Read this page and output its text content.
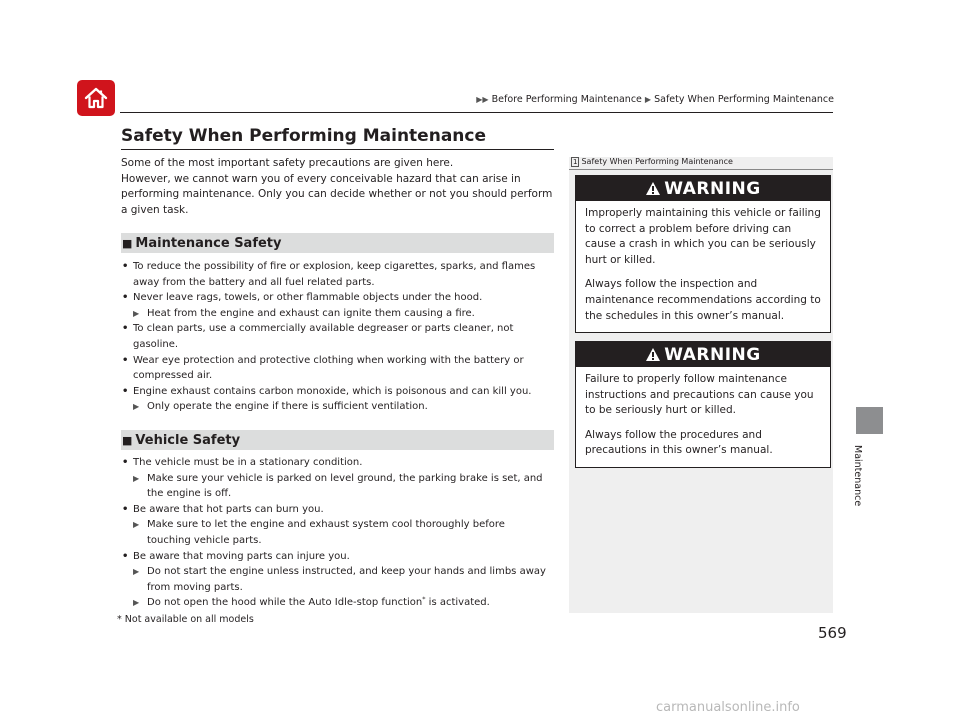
▶▶ Before Performing Maintenance ▶ Safety When Performing Maintenance
Safety When Performing Maintenance
Some of the most important safety precautions are given here.
However, we cannot warn you of every conceivable hazard that can arise in
performing maintenance. Only you can decide whether or not you should perform
a given task.
■ Maintenance Safety
• To reduce the possibility of fire or explosion, keep cigarettes, sparks, and flames
away from the battery and all fuel related parts.
• Never leave rags, towels, or other flammable objects under the hood.
▶ Heat from the engine and exhaust can ignite them causing a fire.
• To clean parts, use a commercially available degreaser or parts cleaner, not
gasoline.
• Wear eye protection and protective clothing when working with the battery or
compressed air.
• Engine exhaust contains carbon monoxide, which is poisonous and can kill you.
▶ Only operate the engine if there is sufficient ventilation.
■ Vehicle Safety
• The vehicle must be in a stationary condition.
▶ Make sure your vehicle is parked on level ground, the parking brake is set, and
the engine is off.
• Be aware that hot parts can burn you.
▶ Make sure to let the engine and exhaust system cool thoroughly before
touching vehicle parts.
• Be aware that moving parts can injure you.
▶ Do not start the engine unless instructed, and keep your hands and limbs away
from moving parts.
▶ Do not open the hood while the Auto Idle-stop function* is activated.
* Not available on all models
1 Safety When Performing Maintenance
WARNING

Improperly maintaining this vehicle or failing to correct a problem before driving can cause a crash in which you can be seriously hurt or killed.

Always follow the inspection and maintenance recommendations according to the schedules in this owner’s manual.

WARNING

Failure to properly follow maintenance instructions and precautions can cause you to be seriously hurt or killed.

Always follow the procedures and precautions in this owner’s manual.	Maintenance
569
carmanualsonline.info
